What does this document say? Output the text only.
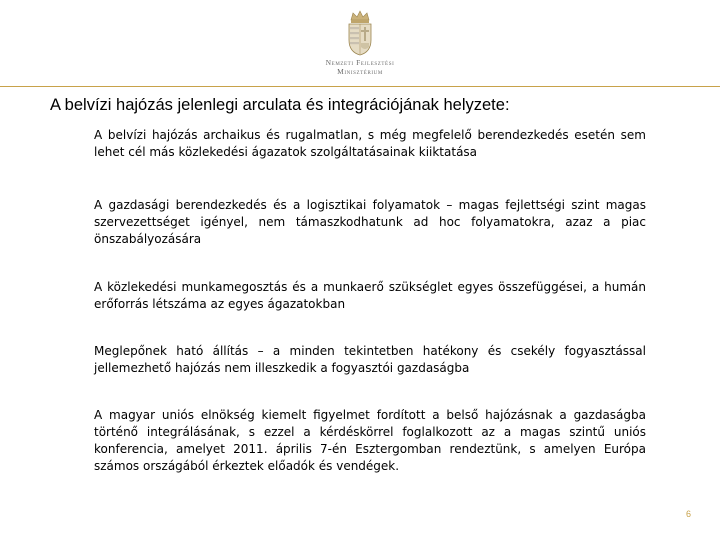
Nemzeti Fejlesztési
Minisztérium
A belvízi hajózás jelenlegi arculata és integrációjának helyzete:
A belvízi hajózás archaikus és rugalmatlan, s még megfelelő berendezkedés esetén sem lehet cél más közlekedési ágazatok szolgáltatásainak kiiktatása
A gazdasági berendezkedés és a logisztikai folyamatok – magas fejlettségi szint magas szervezettséget igényel, nem támaszkodhatunk ad hoc folyamatokra, azaz a piac önszabályozására
A közlekedési munkamegosztás és a munkaerő szükséglet egyes összefüggései, a humán erőforrás létszáma az egyes ágazatokban
Meglepőnek ható állítás – a minden tekintetben hatékony és csekély fogyasztással jellemezhető hajózás nem illeszkedik a fogyasztói gazdaságba
A magyar uniós elnökség kiemelt figyelmet fordított a belső hajózásnak a gazdaságba történő integrálásának, s ezzel a kérdéskörrel foglalkozott az a magas szintű uniós konferencia, amelyet 2011. április 7-én Esztergomban rendeztünk, s amelyen Európa számos országából érkeztek előadók és vendégek.
6
